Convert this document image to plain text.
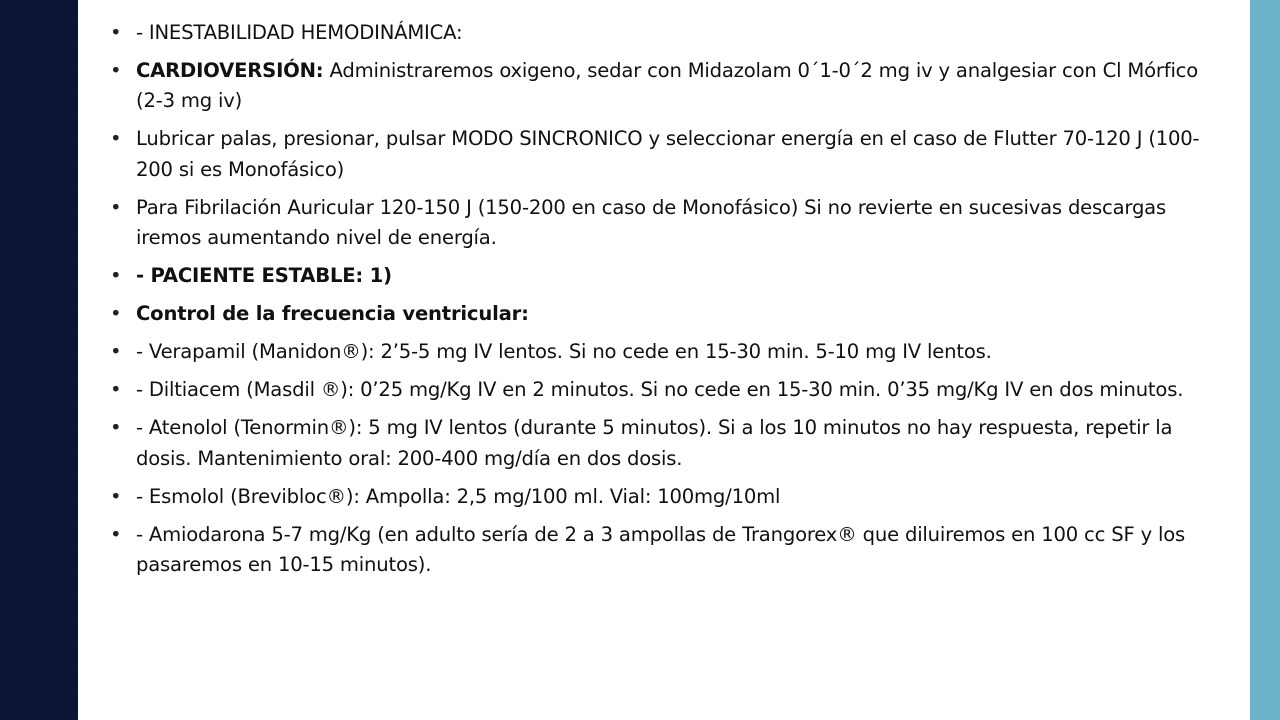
• - INESTABILIDAD HEMODINÁMICA:
• CARDIOVERSIÓN: Administraremos oxigeno, sedar con Midazolam 0´1-0´2 mg iv y analgesiar con Cl Mórfico (2-3 mg iv)
• Lubricar palas, presionar, pulsar MODO SINCRONICO y seleccionar energía en el caso de Flutter 70-120 J (100-200 si es Monofásico)
• Para Fibrilación Auricular 120-150 J (150-200 en caso de Monofásico) Si no revierte en sucesivas descargas iremos aumentando nivel de energía.
• - PACIENTE ESTABLE: 1)
• Control de la frecuencia ventricular:
• - Verapamil (Manidon®): 2’5-5 mg IV lentos. Si no cede en 15-30 min. 5-10 mg IV lentos.
• - Diltiacem (Masdil ®): 0’25 mg/Kg IV en 2 minutos. Si no cede en 15-30 min. 0’35 mg/Kg IV en dos minutos.
• - Atenolol (Tenormin®): 5 mg IV lentos (durante 5 minutos). Si a los 10 minutos no hay respuesta, repetir la dosis. Mantenimiento oral: 200-400 mg/día en dos dosis.
• - Esmolol (Brevibloc®): Ampolla: 2,5 mg/100 ml. Vial: 100mg/10ml
• - Amiodarona 5-7 mg/Kg (en adulto sería de 2 a 3 ampollas de Trangorex® que diluiremos en 100 cc SF y los pasaremos en 10-15 minutos).
